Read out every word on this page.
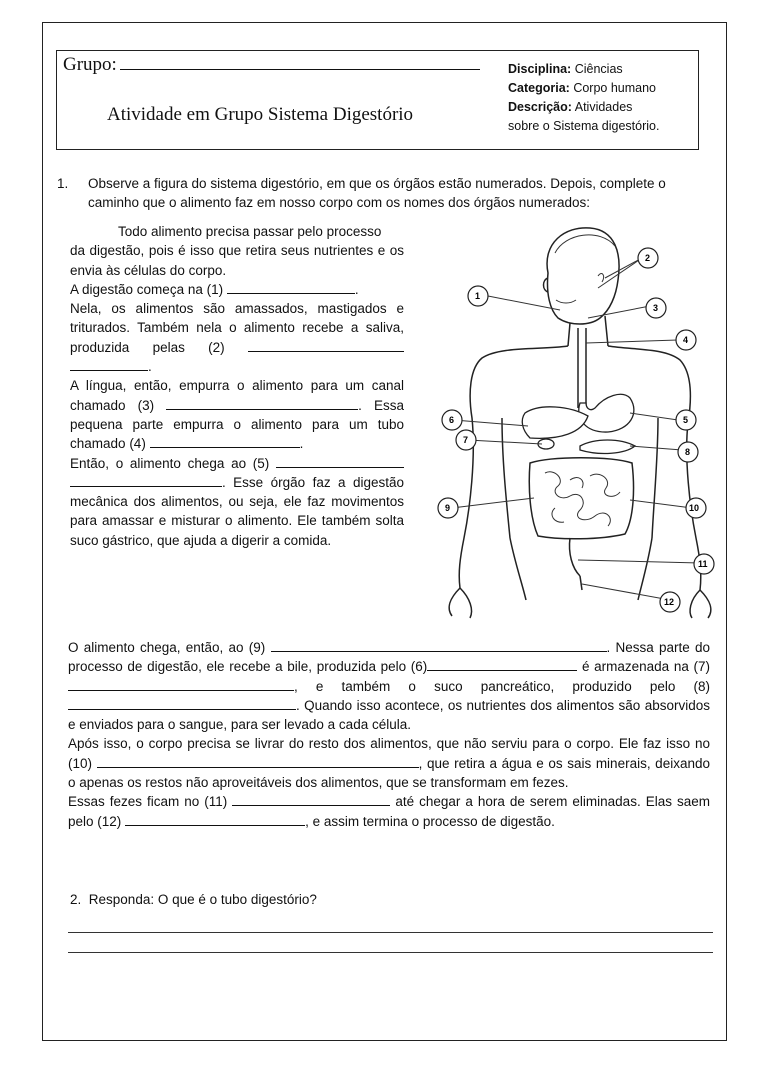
Grupo:
Atividade em Grupo Sistema Digestório
Disciplina: Ciências
Categoria: Corpo humano
Descrição: Atividades
sobre o Sistema digestório.
1. Observe a figura do sistema digestório, em que os órgãos estão numerados. Depois, complete o caminho que o alimento faz em nosso corpo com os nomes dos órgãos numerados:

Todo alimento precisa passar pelo processo

da digestão, pois é isso que retira seus nutrientes e os envia às células do corpo.

A digestão começa na (1)	.

Nela, os alimentos são amassados, mastigados e triturados. Também nela o alimento recebe a saliva, produzida pelas (2)  .

A língua, então, empurra o alimento para um canal chamado (3)	. Essa pequena parte empurra o alimento para um tubo chamado (4)	.

Então, o alimento chega ao (5)  . Esse órgão faz a digestão mecânica dos alimentos, ou seja, ele faz movimentos para amassar e misturar o alimento. Ele também solta suco gástrico, que ajuda a digerir a comida.

1
2
3
4
5
6
7
8
9	10
11
12

O alimento chega, então, ao (9)	. Nessa parte do processo de digestão, ele recebe a bile, produzida pelo (6)	é armazenada na (7) , e também o suco pancreático, produzido pelo (8) . Quando isso acontece, os nutrientes dos alimentos são absorvidos e enviados para o sangue, para ser levado a cada célula.

Após isso, o corpo precisa se livrar do resto dos alimentos, que não serviu para o corpo. Ele faz isso no (10)	, que retira a água e os sais minerais, deixando o apenas os restos não aproveitáveis dos alimentos, que se transformam em fezes.

Essas fezes ficam no (11)	até chegar a hora de serem eliminadas. Elas saem pelo (12)	, e assim termina o processo de digestão.

2. Responda: O que é o tubo digestório?
